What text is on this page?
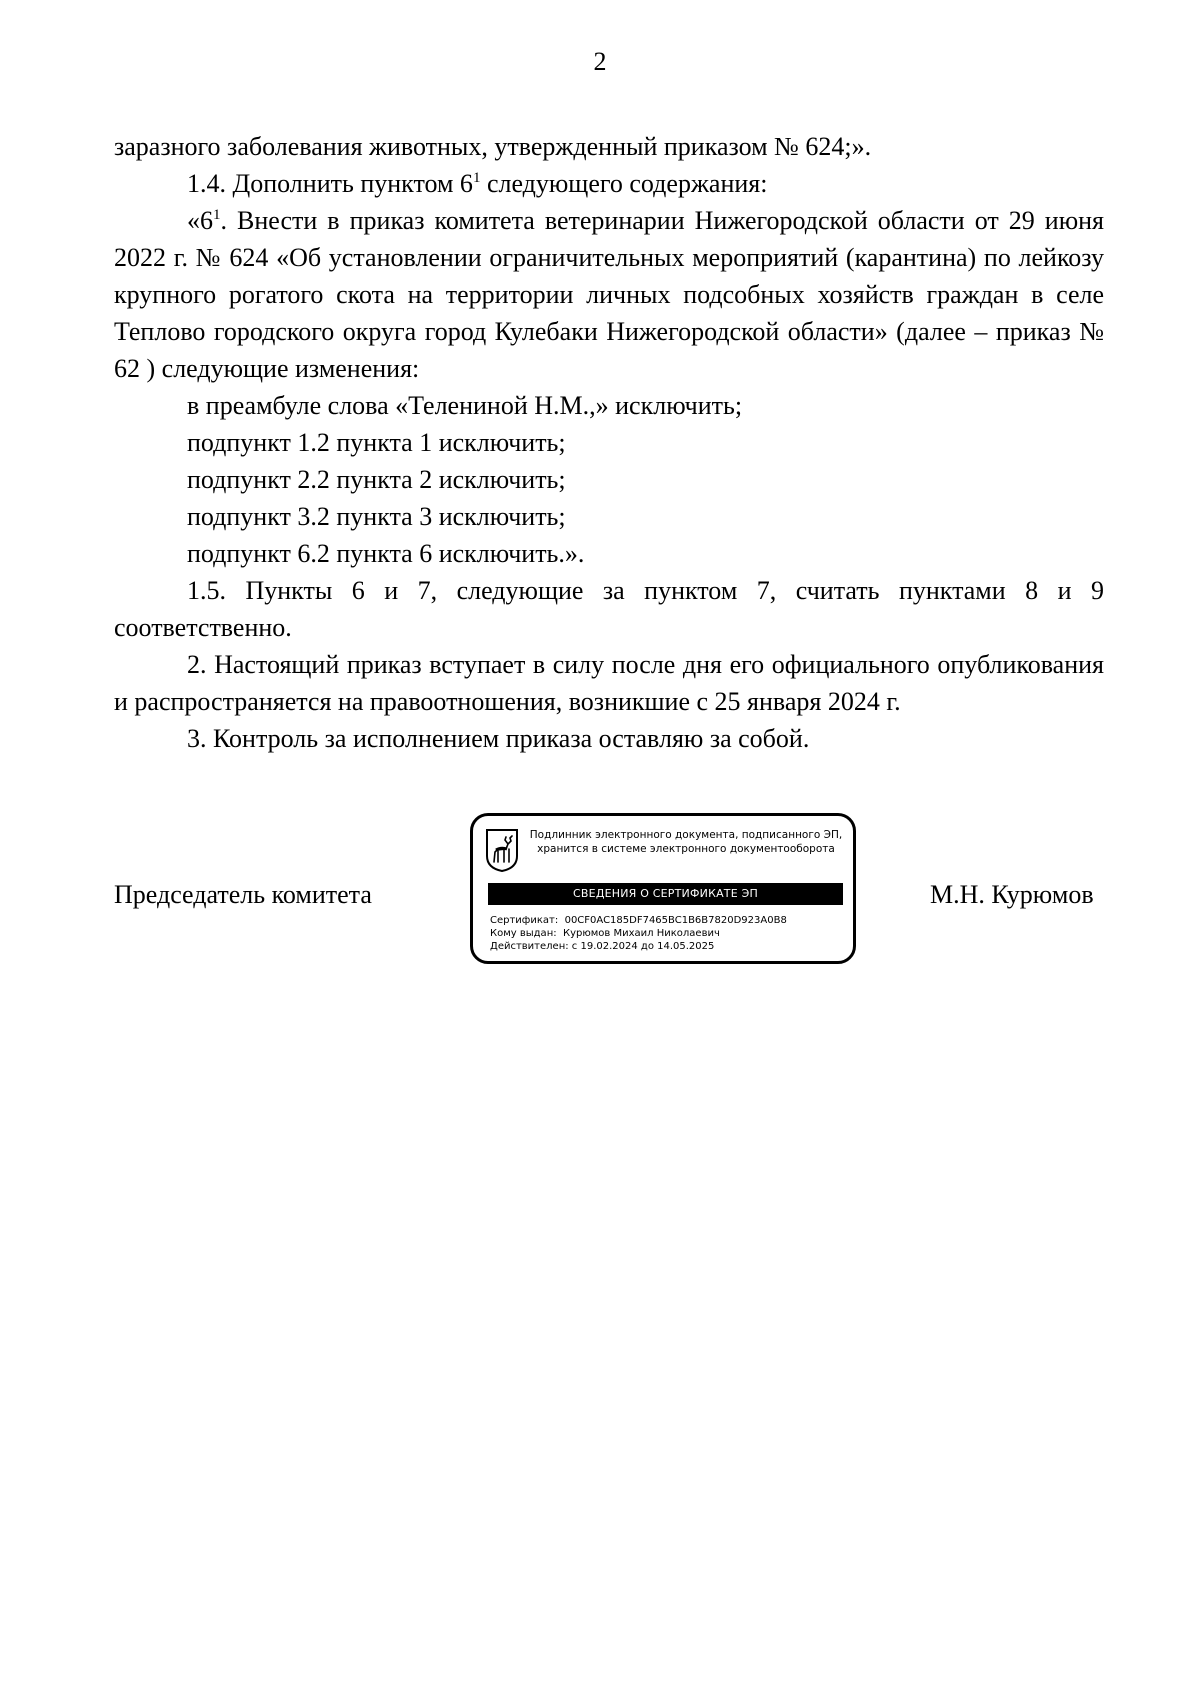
2

заразного заболевания животных, утвержденный приказом № 624;».

1.4. Дополнить пунктом $6^1$ следующего содержания:

«$6^1$. Внести в приказ комитета ветеринарии Нижегородской области от 29 июня 2022 г. № 624 «Об установлении ограничительных мероприятий (карантина) по лейкозу крупного рогатого скота на территории личных подсобных хозяйств граждан в селе Теплово городского округа город Кулебаки Нижегородской области» (далее – приказ № 62 ) следующие изменения:

в преамбуле слова «Телениной Н.М.,» исключить;

подпункт 1.2 пункта 1 исключить;

подпункт 2.2 пункта 2 исключить;

подпункт 3.2 пункта 3 исключить;

подпункт 6.2 пункта 6 исключить.».

1.5. Пункты 6 и 7, следующие за пунктом 7, считать пунктами 8 и 9 соответственно.

2. Настоящий приказ вступает в силу после дня его официального опубликования и распространяется на правоотношения, возникшие с 25 января 2024 г.

3. Контроль за исполнением приказа оставляю за собой.

Председатель комитета
Подлинник электронного документа, подписанного ЭП,
хранится в системе электронного документооборота
СВЕДЕНИЯ О СЕРТИФИКАТЕ ЭП
Сертификат: 00CF0AC185DF7465BC1B6B7820D923A0B8
Кому выдан: Курюмов Михаил Николаевич
Действителен: с 19.02.2024 до 14.05.2025
М.Н. Курюмов
